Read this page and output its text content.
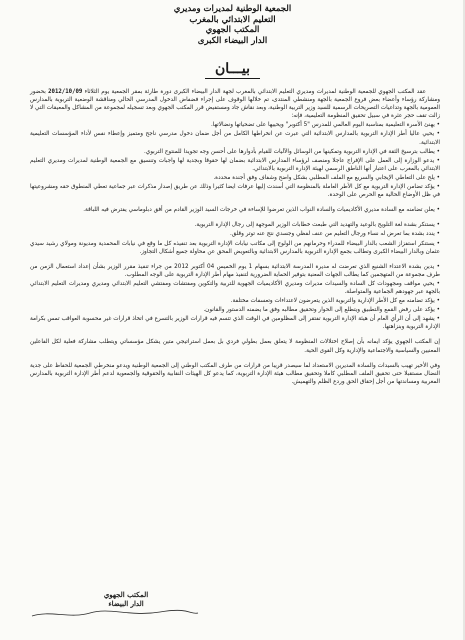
الجمعية الوطنية لمديرات ومديري
التعليم الابتدائي بالمغرب
المكتب الجهوي
الدار البيضاء الكبرى
بيـــان

عقد المكتب الجهوي للجمعية الوطنية لمديرات ومديري التعليم الابتدائي بالمغرب لجهة الدار البيضاء الكبرى دورة طارئة بمقر الجمعية يوم الثلاثاء 2012/10/09 بحضور ومشاركة رؤساء وأعضاء بعض فروع الجمعية بالجهة ومنشطي المنتدى، تم خلالها الوقوف على إجراء فضفاض الدخول المدرسي الحالي ومناقشة الوضعية التربوية بالمدارس العمومية بالجهة وتداعيات التصريحات الرسمية للسيد وزير التربية الوطنية، وبعد نقاش جاد ومستفيض قرر المكتب الجهوي وبعد تسجيله لمجموعة من المشاكل والمعيقات التي لا زالت تقف حجر عثرة في سبيل تحقيق المنظومة التعليمية، فإنه:

• يهنئ الأسرة التعليمية بمناسبة اليوم العالمي للمدرس "5 أكتوبر" ويحييها على تضحياتها ونضالاتها.

• يحيي عاليا أطر الإدارة التربوية بالمدارس الابتدائية التي عبرت عن انخراطها الكامل من أجل ضمان دخول مدرسي ناجح ومتميز وإعطاء نفس لأداء المؤسسات التعليمية الابتدائية.

• يطالب بترسيخ الثقة في الإدارة التربوية وتمكينها من الوسائل والآليات للقيام بأدوارها على أحسن وجه تجويدا للمنتوج التربوي.

• يدعو الوزارة إلى العمل على الإفراج عاجلا ومنصف لرؤساء المدارس الابتدائية بضمان لها حقوقا وبجدية لها واجبات وتنسيق مع الجمعية الوطنية لمديرات ومديري التعليم الابتدائي بالمغرب على اعتبار أنها الناطق الرسمي لهيئة الإدارة التربوية بالابتدائي.

• يلح على التعاطي الإيجابي والسريع مع الملف المطلبي بشكل واضح وشفاف وفق أجندة محددة.

• يؤكد تضامن الإدارة التربوية مع كل الأطر العاملة بالمنظومة التي أسندت إليها عرفات ايضا كثيرا وذلك عن طريق إصدار مذكرات عبر جماعية تعطي المنطوق حقه ومشروعيتها في ظل الأوضاع الحالية مع الحرص على الوحدة.

• يعلن تضامنه مع السادة مديري الأكاديميات والسادة النواب الذين تعرضوا للإساءة في خرجات السيد الوزير القادم من أفق دبلوماسي يفترض فيه اللباقة.

• يستنكر بشدة لغة التلويح بالوعيد والتهديد التي طبعت خطابات الوزير الموجهة إلى رجال الإدارة التربوية.

• يندد بشدة بما تعرض له نساء ورجال التعليم من عنف لفظي وجسدي نتج عنه توتر وقلق.

• يستنكر استفزاز الشعب بالدار البيضاء للمدراء وحرمانهم من الولوج إلى مكاتب نيابات الإدارة التربوية بعد تنفيذه كل ما وقع في نيابات المحمدية ومديونة ومولاي رشيد سيدي عثمان وبالدار البيضاء الكبرى وتطالب بجمع الإدارة التربوية بالمدارس الابتدائية وبالتعويض المحق عن محاولة جميع أشكال التجاوز.

• يدين بشدة الاعتداء الشنيع الذي تعرضت له مديرة المدرسة الابتدائية بسهام 1 يوم الخميس 04 أكتوبر 2012 من جراء تنفيذ مقرر الوزير بشأن إعداد استعمال الزمن من طرف مجموعة من المتهجمين كما يطالب الجهات المعنية بتوفير الحماية الضرورية لتنفيذ مهام أطر الإدارة التربوية على الوجه المطلوب.

• يحيي مواقف ومجهودات كل السادة والسيدات مديرات ومديري الأكاديميات الجهوية للتربية والتكوين ومفتشات ومفتشي التعليم الابتدائي ومديري ومديرات التعليم الابتدائي بالجهة عبر جهودهم الجماعية والمتواصلة.

• يؤكد تضامنه مع كل الأطر الإدارية والتربوية الذين يتعرضون لاعتداءات وتعسفات مختلفة.

• يؤكد على رفض القمع والتطبيق ويتطلع إلى الحوار وتحقيق مطالبه وفق ما يضمنه الدستور والقانون.

• يشهد إلى أن الرأي العام أن هيئة الإدارة التربوية تفتقر إلى المظلومين في الوقت الذي تتسم فيه قرارات الوزير بالتسرع في اتخاذ قرارات غير محسوبة العواقب تمس بكرامة الإدارة التربوية وبنزاهتها.

إن المكتب الجهوي يؤكد ايمانه بأن إصلاح اختلالات المنظومة لا يتعلق بعمل بطولي فردي بل بعمل استراتيجي متين يشكل مؤسساتي ويتطلب مشاركة فعلية لكل الفاعلين المعنيين والسياسية والاجتماعية والإدارية وكل القوى الحية.

وفي الأخير تهيب بالسيدات والسادة المديرين الاستعداد لما سيصدر قريبا من قرارات من طرف المكتب الوطني إلى الجمعية الوطنية ويدعو منخرطي الجمعية للحفاظ على جدية النضال مستقبلا حتى تحقيق الملف المطلبي كاملا وتحقيق مطالب هيئة الإدارة التربوية، كما يدعو كل الهيئات النقابية والحقوقية والجمعوية لدعم أطر الإدارة التربوية بالمدارس المغربية ومساندتها من أجل إحقاق الحق وردع الظلم والتهميش.

المكتب الجهوي
الدار البيضاء
